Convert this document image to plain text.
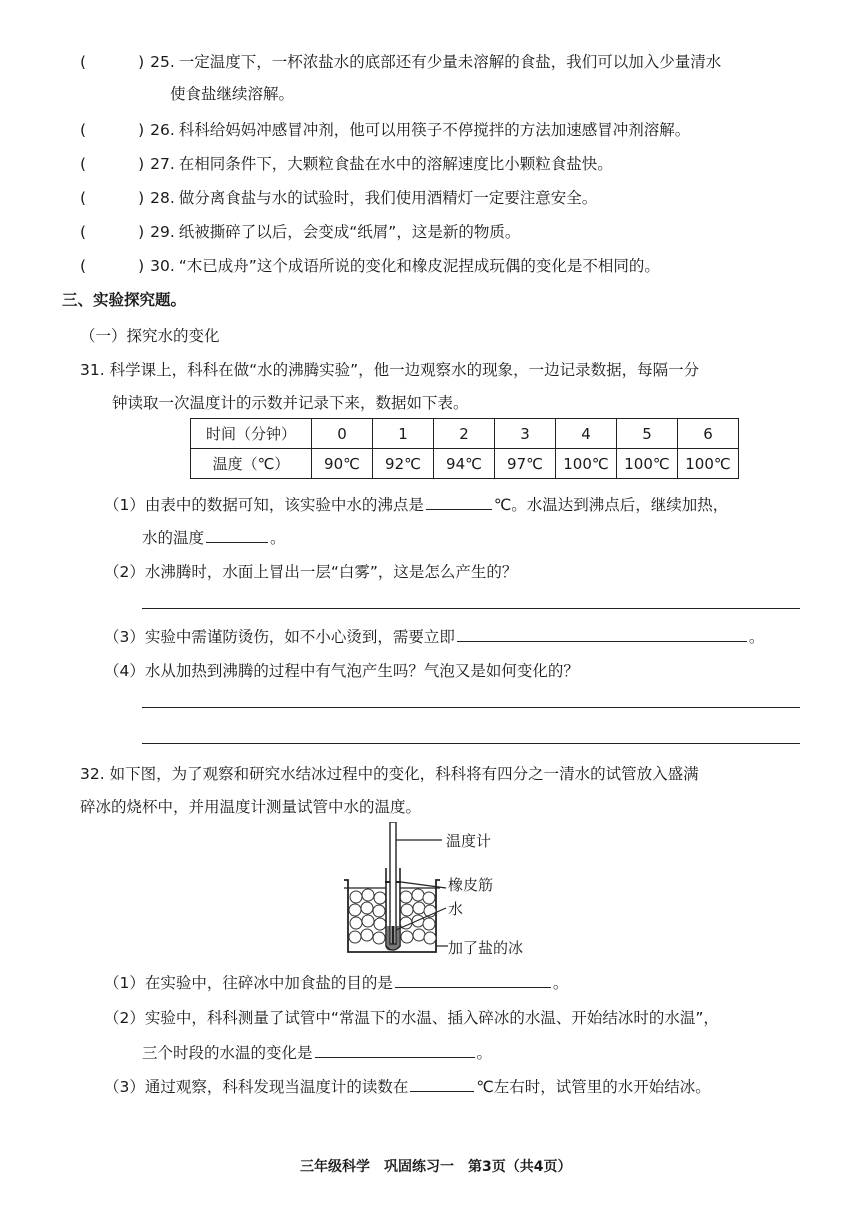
(	) 25. 一定温度下，一杯浓盐水的底部还有少量未溶解的食盐，我们可以加入少量清水
使食盐继续溶解。
(	) 26. 科科给妈妈冲感冒冲剂，他可以用筷子不停搅拌的方法加速感冒冲剂溶解。
(	) 27. 在相同条件下，大颗粒食盐在水中的溶解速度比小颗粒食盐快。
(	) 28. 做分离食盐与水的试验时，我们使用酒精灯一定要注意安全。
(	) 29. 纸被撕碎了以后，会变成“纸屑”，这是新的物质。
(	) 30. “木已成舟”这个成语所说的变化和橡皮泥捏成玩偶的变化是不相同的。
三、实验探究题。
（一）探究水的变化
31. 科学课上，科科在做“水的沸腾实验”，他一边观察水的现象，一边记录数据，每隔一分
钟读取一次温度计的示数并记录下来，数据如下表。
时间（分钟）	0	1	2	3	4	5	6
温度（℃）	90℃	92℃	94℃	97℃	100℃	100℃	100℃
（1）由表中的数据可知，该实验中水的沸点是	℃。水温达到沸点后，继续加热，
水的温度	。
（2）水沸腾时，水面上冒出一层“白雾”，这是怎么产生的？
（3）实验中需谨防烫伤，如不小心烫到，需要立即	。
（4）水从加热到沸腾的过程中有气泡产生吗？气泡又是如何变化的？
32. 如下图，为了观察和研究水结冰过程中的变化，科科将有四分之一清水的试管放入盛满
碎冰的烧杯中，并用温度计测量试管中水的温度。
温度计
橡皮筋
水
加了盐的冰
（1）在实验中，往碎冰中加食盐的目的是	。
（2）实验中，科科测量了试管中“常温下的水温、插入碎冰的水温、开始结冰时的水温”，
三个时段的水温的变化是	。
（3）通过观察，科科发现当温度计的读数在	℃左右时，试管里的水开始结冰。
三年级科学　巩固练习一　第3页（共4页）
